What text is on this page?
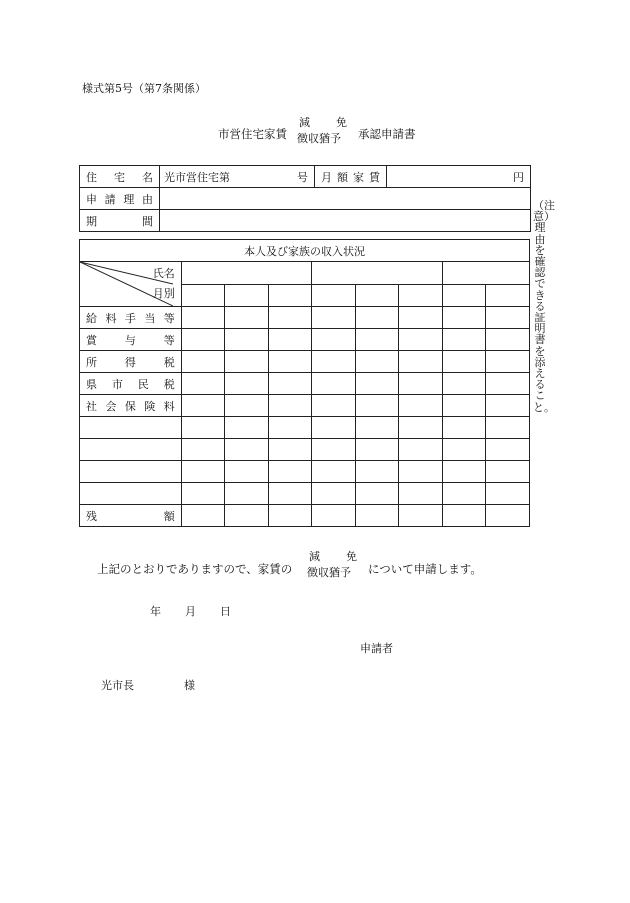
様式第5号（第7条関係）
市営住宅家賃
減 免
徴収猶予	承認申請書
住 宅 名	光市営住宅第 号	月 額 家 賃	円

申 請 理 由			

期 間			

（注意）　理由を確認できる証明書を添えること。
本人及び家族の収入状況								

氏名
月別								

給 料 手 当 等								

賞 与 等								

所 得 税								

県 市 民 税								

社 会 保 険 料								

残 額								

上記のとおりでありますので、家賃の
減 免
徴収猶予	について申請します。
年 月 日
申請者
光市長	様
